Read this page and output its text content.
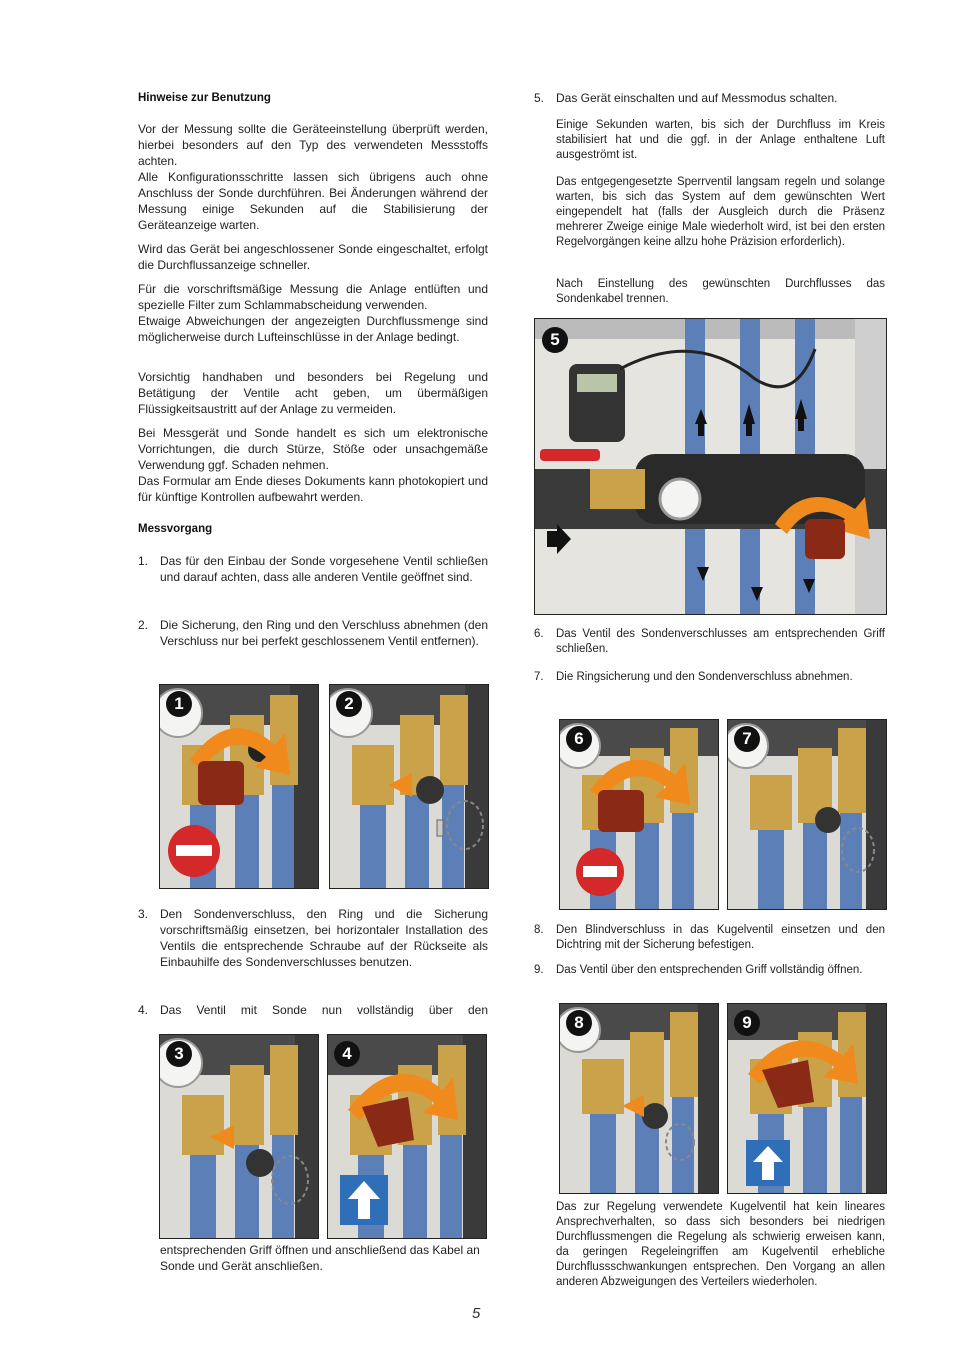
Hinweise zur Benutzung

Vor der Messung sollte die Geräteeinstellung überprüft werden, hierbei besonders auf den Typ des verwendeten Messstoffs achten.

Alle Konfigurationsschritte lassen sich übrigens auch ohne Anschluss der Sonde durchführen. Bei Änderungen während der Messung einige Sekunden auf die Stabilisierung der Geräteanzeige warten.

Wird das Gerät bei angeschlossener Sonde eingeschaltet, erfolgt die Durchflussanzeige schneller.

Für die vorschriftsmäßige Messung die Anlage entlüften und spezielle Filter zum Schlammabscheidung verwenden.

Etwaige Abweichungen der angezeigten Durchflussmenge sind möglicherweise durch Lufteinschlüsse in der Anlage bedingt.

Vorsichtig handhaben und besonders bei Regelung und Betätigung der Ventile acht geben, um übermäßigen Flüssigkeitsaustritt auf der Anlage zu vermeiden.

Bei Messgerät und Sonde handelt es sich um elektronische Vorrichtungen, die durch Stürze, Stöße oder unsachgemäße Verwendung ggf. Schaden nehmen.

Das Formular am Ende dieses Dokuments kann photokopiert und für künftige Kontrollen aufbewahrt werden.

Messvorgang
1. Das für den Einbau der Sonde vorgesehene Ventil schließen und darauf achten, dass alle anderen Ventile geöffnet sind.

2. Die Sicherung, den Ring und den Verschluss abnehmen (den Verschluss nur bei perfekt geschlossenem Ventil entfernen).

3. Den Sondenverschluss, den Ring und die Sicherung vorschriftsmäßig einsetzen, bei horizontaler Installation des Ventils die entsprechende Schraube auf der Rückseite als Einbauhilfe des Sondenverschlusses benutzen.

4. Das Ventil mit Sonde nun vollständig über den

entsprechenden Griff öffnen und anschließend das Kabel an Sonde und Gerät anschließen.

5. Das Gerät einschalten und auf Messmodus schalten.

Einige Sekunden warten, bis sich der Durchfluss im Kreis stabilisiert hat und die ggf. in der Anlage enthaltene Luft ausgeströmt ist.

Das entgegengesetzte Sperrventil langsam regeln und solange warten, bis sich das System auf dem gewünschten Wert eingependelt hat (falls der Ausgleich durch die Präsenz mehrerer Zweige einige Male wiederholt wird, ist bei den ersten Regelvorgängen keine allzu hohe Präzision erforderlich).

Nach Einstellung des gewünschten Durchflusses das Sondenkabel trennen.

6. Das Ventil des Sondenverschlusses am entsprechenden Griff schließen.

7. Die Ringsicherung und den Sondenverschluss abnehmen.

8. Den Blindverschluss in das Kugelventil einsetzen und den Dichtring mit der Sicherung befestigen.

9. Das Ventil über den entsprechenden Griff vollständig öffnen.

Das zur Regelung verwendete Kugelventil hat kein lineares Ansprechverhalten, so dass sich besonders bei niedrigen Durchflussmengen die Regelung als schwierig erweisen kann, da geringen Regeleingriffen am Kugelventil erhebliche Durchflussschwankungen entsprechen. Den Vorgang an allen anderen Abzweigungen des Verteilers wiederholen.

1	2
3	4
5
6	7
8	9
5
